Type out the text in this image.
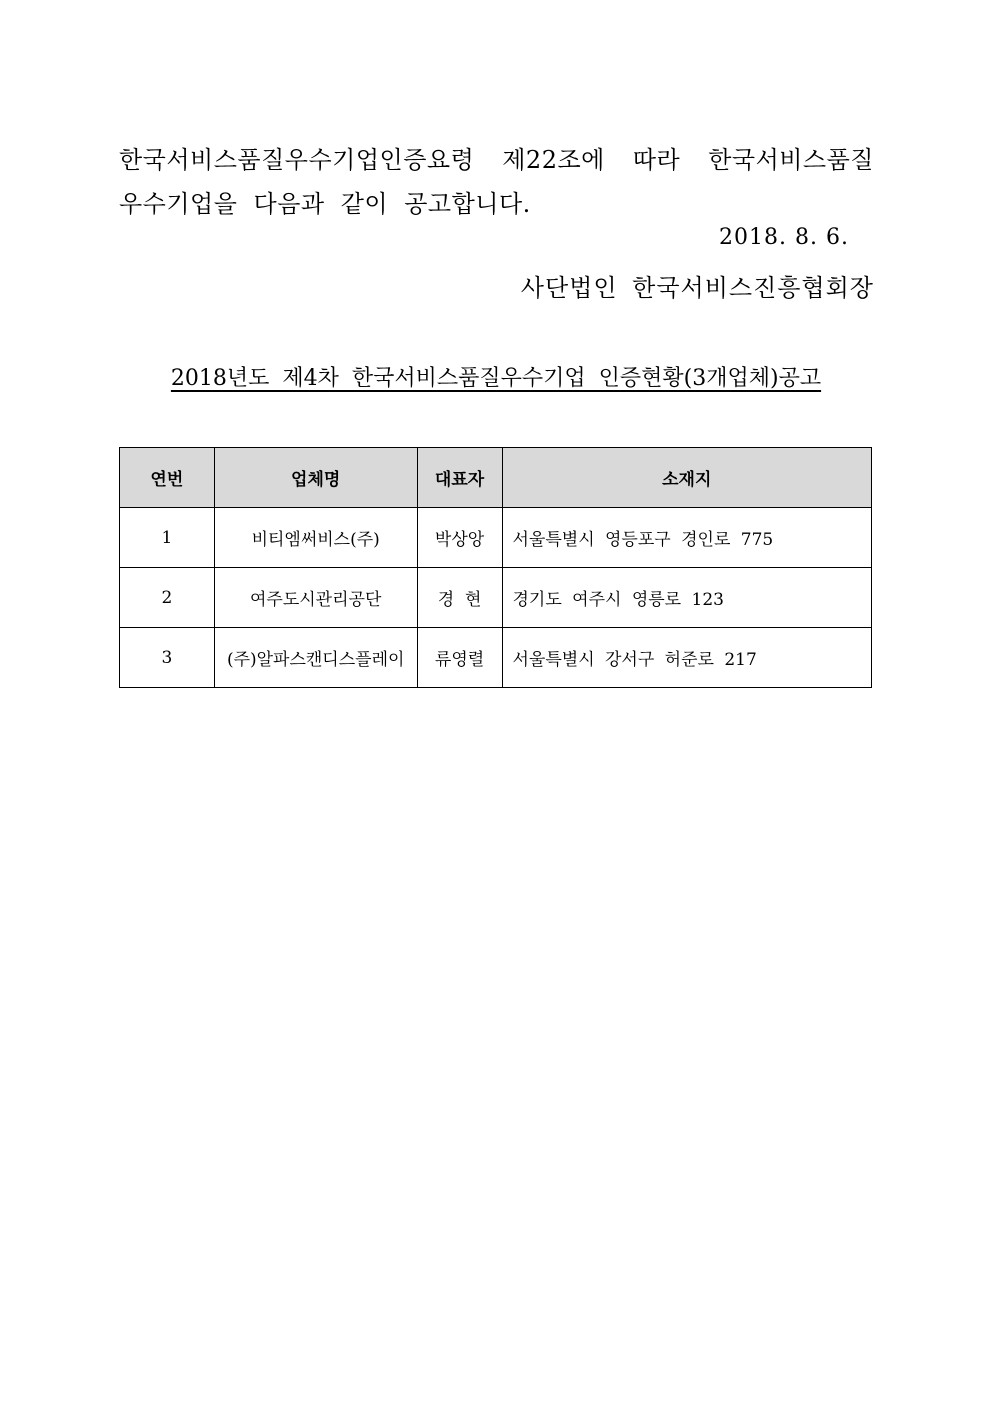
한국서비스품질우수기업인증요령 제22조에 따라 한국서비스품질
우수기업을 다음과 같이 공고합니다.
2018. 8. 6.
사단법인 한국서비스진흥협회장
2018년도 제4차 한국서비스품질우수기업 인증현황(3개업체)공고
연번	업체명	대표자	소재지
1	비티엠써비스(주)	박상앙	서울특별시 영등포구 경인로 775
2	여주도시관리공단	경  현	경기도 여주시 영릉로 123
3	(주)알파스캔디스플레이	류영렬	서울특별시 강서구 허준로 217
